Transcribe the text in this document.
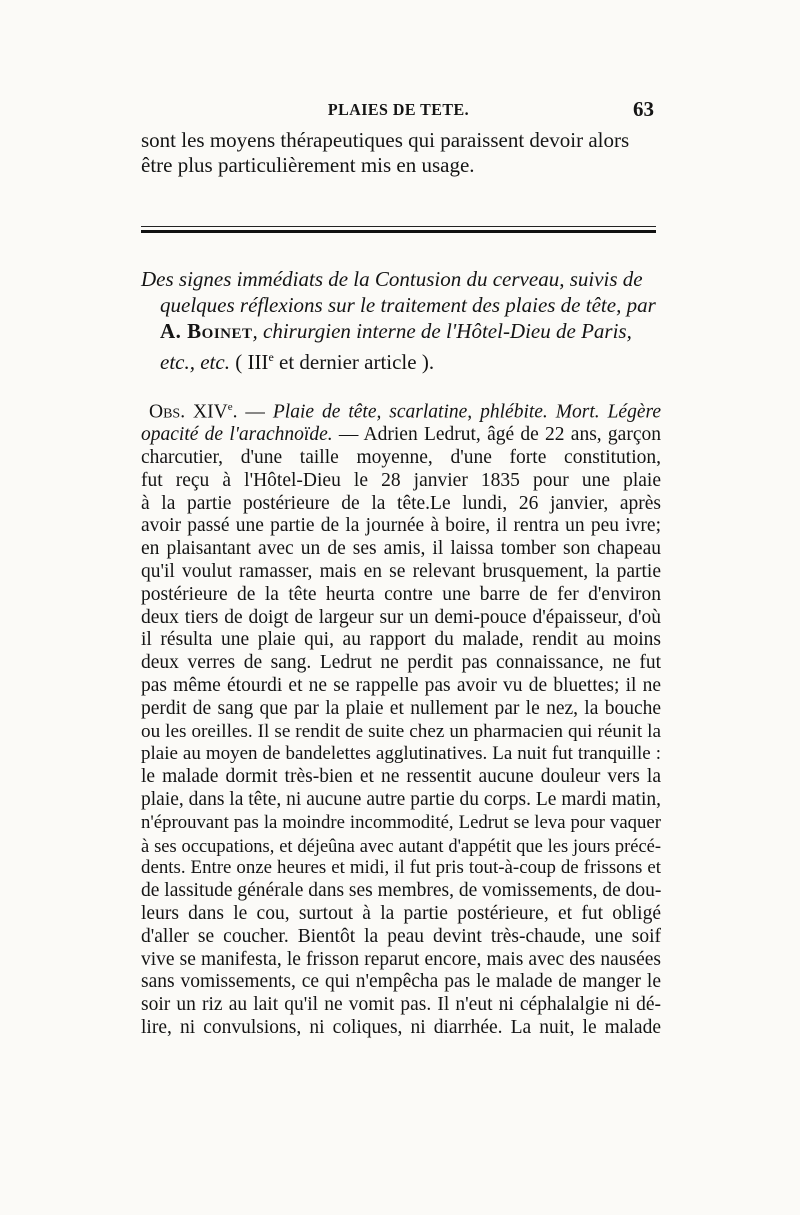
PLAIES DE TETE.	63
sont les moyens thérapeutiques qui paraissent devoir alors
être plus particulièrement mis en usage.
Des signes immédiats de la Contusion du cerveau, suivis de
quelques réflexions sur le traitement des plaies de tête, par
A. Boinet, chirurgien interne de l'Hôtel-Dieu de Paris,
etc., etc. ( IIIe et dernier article ).
Obs. XIVe. — Plaie de tête, scarlatine, phlébite. Mort. Légère
opacité de l'arachnoïde. — Adrien Ledrut, âgé de 22 ans, garçon
charcutier, d'une taille moyenne, d'une forte constitution,
fut reçu à l'Hôtel-Dieu le 28 janvier 1835 pour une plaie
à la partie postérieure de la tête.Le lundi, 26 janvier, après
avoir passé une partie de la journée à boire, il rentra un peu ivre;
en plaisantant avec un de ses amis, il laissa tomber son chapeau
qu'il voulut ramasser, mais en se relevant brusquement, la partie
postérieure de la tête heurta contre une barre de fer d'environ
deux tiers de doigt de largeur sur un demi-pouce d'épaisseur, d'où
il résulta une plaie qui, au rapport du malade, rendit au moins
deux verres de sang. Ledrut ne perdit pas connaissance, ne fut
pas même étourdi et ne se rappelle pas avoir vu de bluettes; il ne
perdit de sang que par la plaie et nullement par le nez, la bouche
ou les oreilles. Il se rendit de suite chez un pharmacien qui réunit la
plaie au moyen de bandelettes agglutinatives. La nuit fut tranquille :
le malade dormit très-bien et ne ressentit aucune douleur vers la
plaie, dans la tête, ni aucune autre partie du corps. Le mardi matin,
n'éprouvant pas la moindre incommodité, Ledrut se leva pour vaquer
à ses occupations, et déjeûna avec autant d'appétit que les jours précé-
dents. Entre onze heures et midi, il fut pris tout-à-coup de frissons et
de lassitude générale dans ses membres, de vomissements, de dou-
leurs dans le cou, surtout à la partie postérieure, et fut obligé
d'aller se coucher. Bientôt la peau devint très-chaude, une soif
vive se manifesta, le frisson reparut encore, mais avec des nausées
sans vomissements, ce qui n'empêcha pas le malade de manger le
soir un riz au lait qu'il ne vomit pas. Il n'eut ni céphalalgie ni dé-
lire, ni convulsions, ni coliques, ni diarrhée. La nuit, le malade
